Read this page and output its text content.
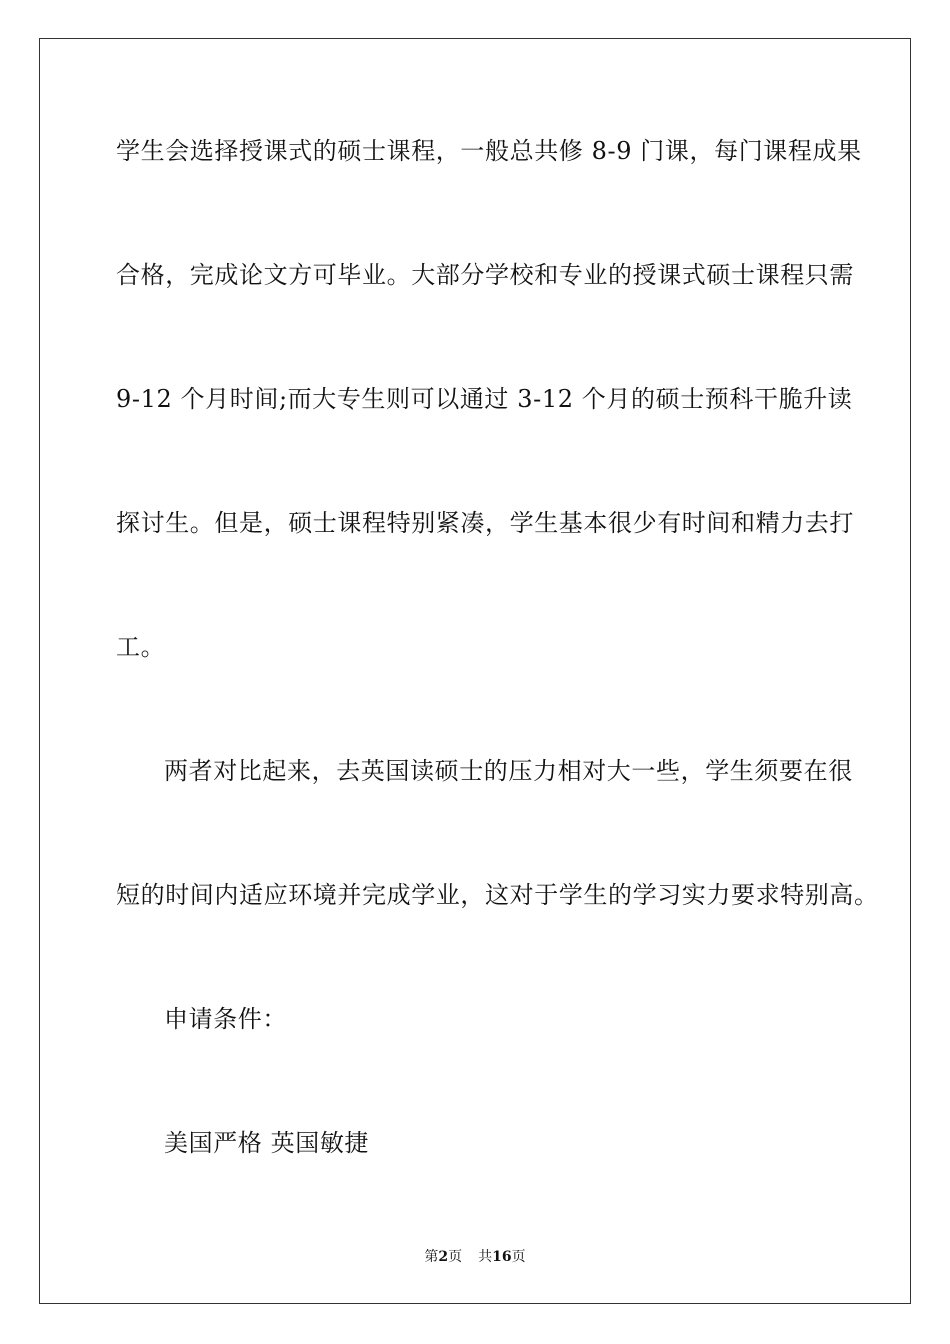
学生会选择授课式的硕士课程，一般总共修 8-9 门课，每门课程成果
合格，完成论文方可毕业。大部分学校和专业的授课式硕士课程只需
9-12 个月时间;而大专生则可以通过 3-12 个月的硕士预科干脆升读
探讨生。但是，硕士课程特别紧凑，学生基本很少有时间和精力去打
工。
两者对比起来，去英国读硕士的压力相对大一些，学生须要在很
短的时间内适应环境并完成学业，这对于学生的学习实力要求特别高。
申请条件：
美国严格 英国敏捷
第2页 共16页
